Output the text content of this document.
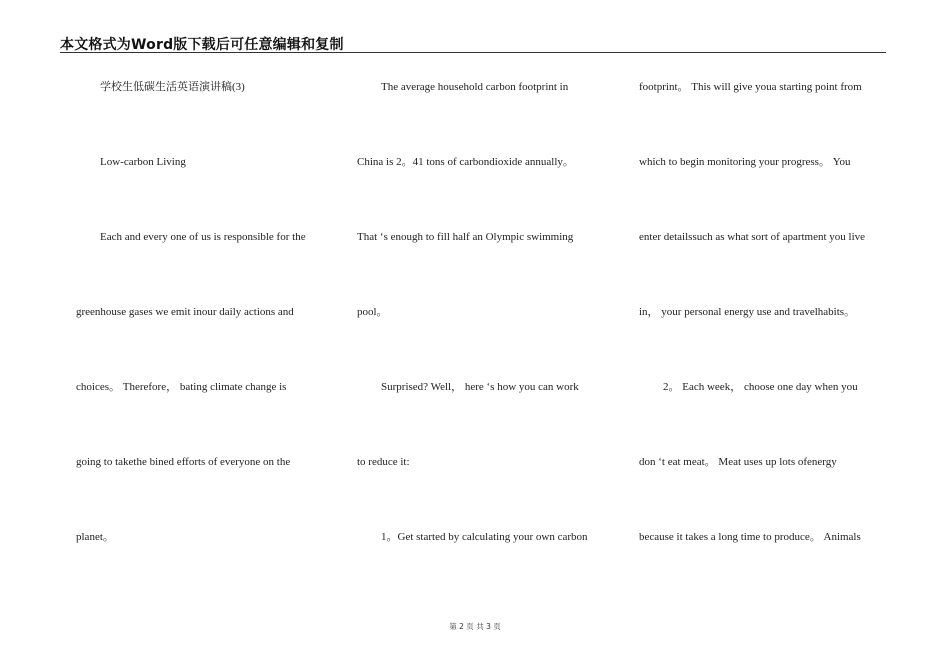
本文格式为Word版下载后可任意编辑和复制
学校生低碳生活英语演讲稿(3)
Low-carbon Living
Each and every one of us is responsible for the
greenhouse gases we emit inour daily actions and
choices。 Therefore， bating climate change is
going to takethe bined efforts of everyone on the
planet。
The average household carbon footprint in
China is 2。41 tons of carbondioxide annually。
That ‘s enough to fill half an Olympic swimming
pool。
Surprised? Well， here ‘s how you can work
to reduce it:
1。Get started by calculating your own carbon
footprint。 This will give youa starting point from
which to begin monitoring your progress。 You
enter detailssuch as what sort of apartment you live
in， your personal energy use and travelhabits。
2。 Each week， choose one day when you
don ‘t eat meat。 Meat uses up lots ofenergy
because it takes a long time to produce。 Animals
第 2 页 共 3 页
